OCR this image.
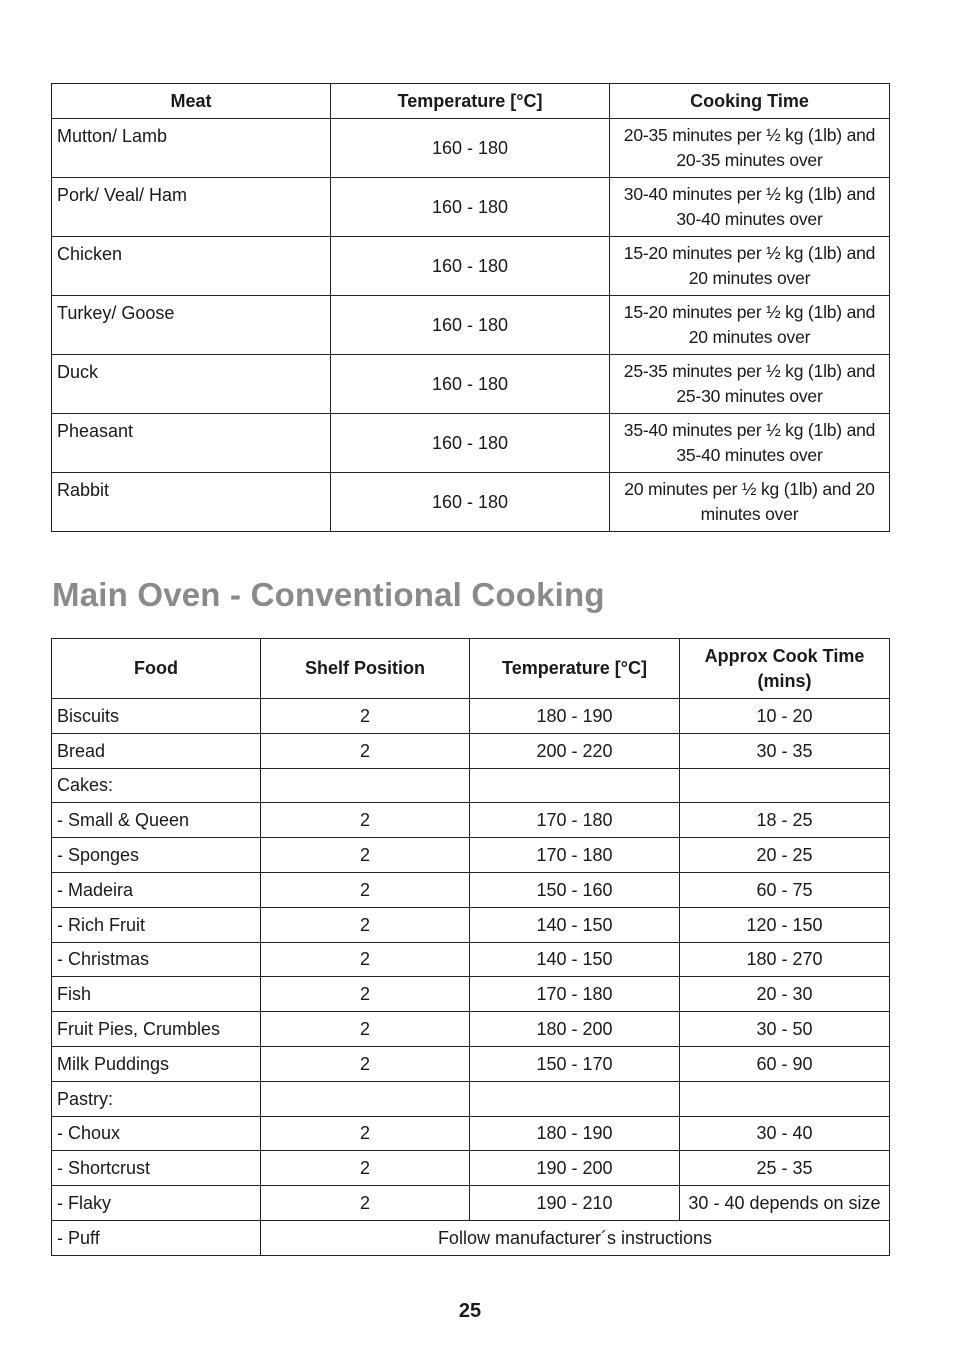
Meat	Temperature [°C]	Cooking Time
Mutton/ Lamb	160 - 180	20-35 minutes per ½ kg (1lb) and 20-35 minutes over
Pork/ Veal/ Ham	160 - 180	30-40 minutes per ½ kg (1lb) and 30-40 minutes over
Chicken	160 - 180	15-20 minutes per ½ kg (1lb) and 20 minutes over
Turkey/ Goose	160 - 180	15-20 minutes per ½ kg (1lb) and 20 minutes over
Duck	160 - 180	25-35 minutes per ½ kg (1lb) and 25-30 minutes over
Pheasant	160 - 180	35-40 minutes per ½ kg (1lb) and 35-40 minutes over
Rabbit	160 - 180	20 minutes per ½ kg (1lb) and 20 minutes over
Main Oven - Conventional Cooking
Food	Shelf Position	Temperature [°C]	Approx Cook Time (mins)
Biscuits	2	180 - 190	10 - 20
Bread	2	200 - 220	30 - 35
Cakes:			
- Small & Queen	2	170 - 180	18 - 25
- Sponges	2	170 - 180	20 - 25
- Madeira	2	150 - 160	60 - 75
- Rich Fruit	2	140 - 150	120 - 150
- Christmas	2	140 - 150	180 - 270
Fish	2	170 - 180	20 - 30
Fruit Pies, Crumbles	2	180 - 200	30 - 50
Milk Puddings	2	150 - 170	60 - 90
Pastry:			
- Choux	2	180 - 190	30 - 40
- Shortcrust	2	190 - 200	25 - 35
- Flaky	2	190 - 210	30 - 40 depends on size
- Puff	Follow manufacturer´s instructions		
25
